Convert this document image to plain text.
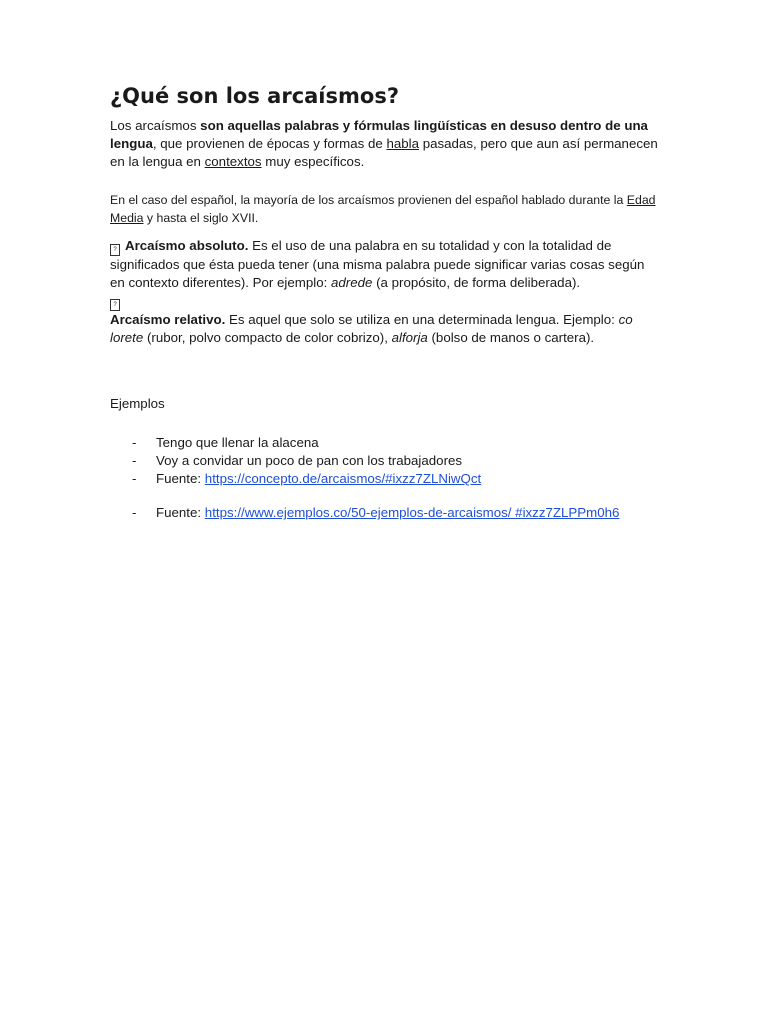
¿Qué son los arcaísmos?

Los arcaísmos son aquellas palabras y fórmulas lingüísticas en desuso dentro de una lengua, que provienen de épocas y formas de habla pasadas, pero que aun así permanecen en la lengua en contextos muy específicos.

En el caso del español, la mayoría de los arcaísmos provienen del español hablado durante la Edad Media y hasta el siglo XVII.

? Arcaísmo absoluto. Es el uso de una palabra en su totalidad y con la totalidad de significados que ésta pueda tener (una misma palabra puede significar varias cosas según en contexto diferentes). Por ejemplo: adrede (a propósito, de forma deliberada).
?
Arcaísmo relativo. Es aquel que solo se utiliza en una determinada lengua. Ejemplo: co lorete (rubor, polvo compacto de color cobrizo), alforja (bolso de manos o cartera).

Ejemplos

- Tengo que llenar la alacena
- Voy a convidar un poco de pan con los trabajadores
- Fuente: https://concepto.de/arcaismos/#ixzz7ZLNiwQct
- Fuente: https://www.ejemplos.co/50-ejemplos-de-arcaismos/ #ixzz7ZLPPm0h6
